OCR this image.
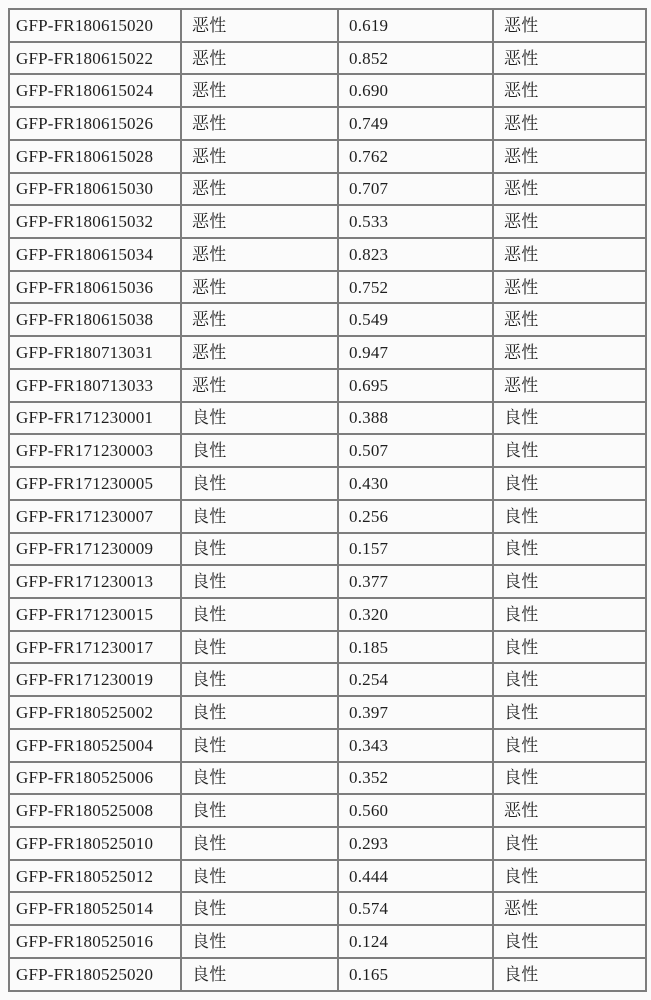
GFP-FR180615020	恶性	0.619	恶性
GFP-FR180615022	恶性	0.852	恶性
GFP-FR180615024	恶性	0.690	恶性
GFP-FR180615026	恶性	0.749	恶性
GFP-FR180615028	恶性	0.762	恶性
GFP-FR180615030	恶性	0.707	恶性
GFP-FR180615032	恶性	0.533	恶性
GFP-FR180615034	恶性	0.823	恶性
GFP-FR180615036	恶性	0.752	恶性
GFP-FR180615038	恶性	0.549	恶性
GFP-FR180713031	恶性	0.947	恶性
GFP-FR180713033	恶性	0.695	恶性
GFP-FR171230001	良性	0.388	良性
GFP-FR171230003	良性	0.507	良性
GFP-FR171230005	良性	0.430	良性
GFP-FR171230007	良性	0.256	良性
GFP-FR171230009	良性	0.157	良性
GFP-FR171230013	良性	0.377	良性
GFP-FR171230015	良性	0.320	良性
GFP-FR171230017	良性	0.185	良性
GFP-FR171230019	良性	0.254	良性
GFP-FR180525002	良性	0.397	良性
GFP-FR180525004	良性	0.343	良性
GFP-FR180525006	良性	0.352	良性
GFP-FR180525008	良性	0.560	恶性
GFP-FR180525010	良性	0.293	良性
GFP-FR180525012	良性	0.444	良性
GFP-FR180525014	良性	0.574	恶性
GFP-FR180525016	良性	0.124	良性
GFP-FR180525020	良性	0.165	良性
